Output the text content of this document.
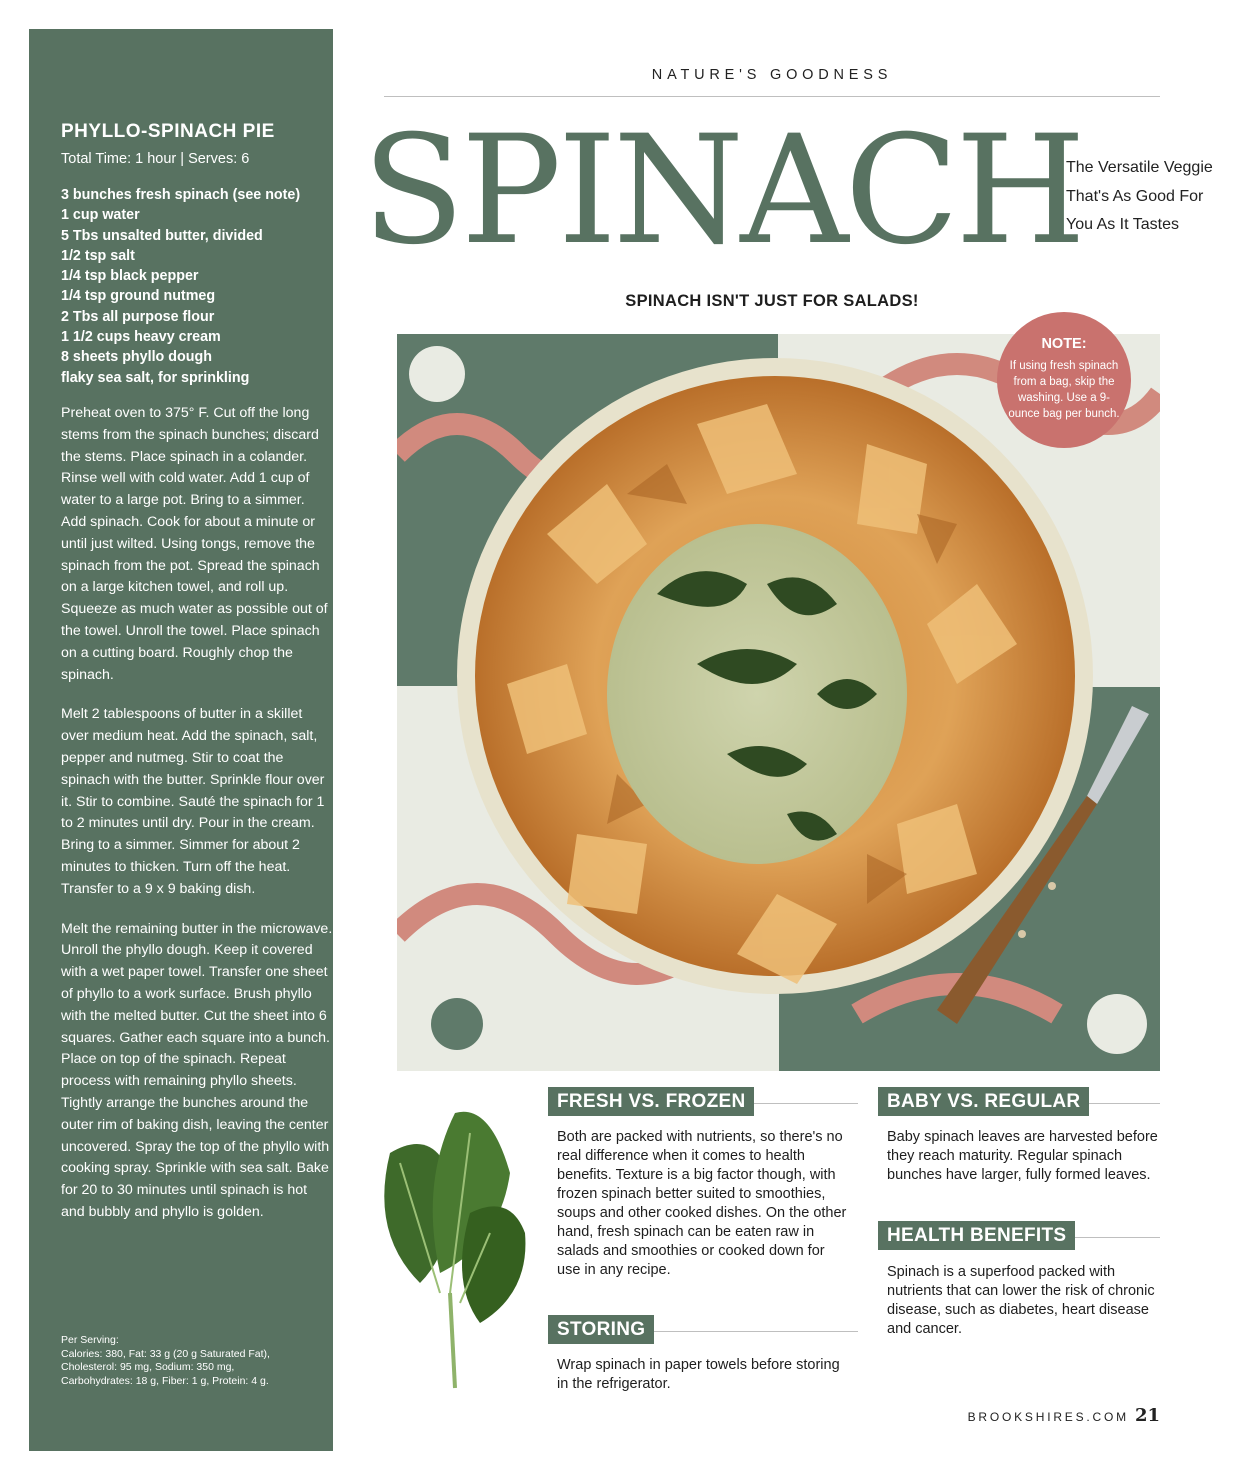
PHYLLO-SPINACH PIE
Total Time: 1 hour | Serves: 6
3 bunches fresh spinach (see note)
1 cup water
5 Tbs unsalted butter, divided
1/2 tsp salt
1/4 tsp black pepper
1/4 tsp ground nutmeg
2 Tbs all purpose flour
1 1/2 cups heavy cream
8 sheets phyllo dough
flaky sea salt, for sprinkling

Preheat oven to 375° F. Cut off the long stems from the spinach bunches; discard the stems. Place spinach in a colander. Rinse well with cold water. Add 1 cup of water to a large pot. Bring to a simmer. Add spinach. Cook for about a minute or until just wilted. Using tongs, remove the spinach from the pot. Spread the spinach on a large kitchen towel, and roll up. Squeeze as much water as possible out of the towel. Unroll the towel. Place spinach on a cutting board. Roughly chop the spinach.

Melt 2 tablespoons of butter in a skillet over medium heat. Add the spinach, salt, pepper and nutmeg. Stir to coat the spinach with the butter. Sprinkle flour over it. Stir to combine. Sauté the spinach for 1 to 2 minutes until dry. Pour in the cream. Bring to a simmer. Simmer for about 2 minutes to thicken. Turn off the heat. Transfer to a 9 x 9 baking dish.

Melt the remaining butter in the microwave. Unroll the phyllo dough. Keep it covered with a wet paper towel. Transfer one sheet of phyllo to a work surface. Brush phyllo with the melted butter. Cut the sheet into 6 squares. Gather each square into a bunch. Place on top of the spinach. Repeat process with remaining phyllo sheets. Tightly arrange the bunches around the outer rim of baking dish, leaving the center uncovered. Spray the top of the phyllo with cooking spray. Sprinkle with sea salt. Bake for 20 to 30 minutes until spinach is hot and bubbly and phyllo is golden.

Per Serving:
Calories: 380, Fat: 33 g (20 g Saturated Fat),
Cholesterol: 95 mg, Sodium: 350 mg,
Carbohydrates: 18 g, Fiber: 1 g, Protein: 4 g.
NATURE'S GOODNESS
SPINACH
The Versatile Veggie That's As Good For You As It Tastes
SPINACH ISN'T JUST FOR SALADS!
NOTE:
If using fresh spinach from a bag, skip the washing. Use a 9-ounce bag per bunch.
FRESH VS. FROZEN
Both are packed with nutrients, so there's no real difference when it comes to health benefits. Texture is a big factor though, with frozen spinach better suited to smoothies, soups and other cooked dishes. On the other hand, fresh spinach can be eaten raw in salads and smoothies or cooked down for use in any recipe.
STORING
Wrap spinach in paper towels before storing in the refrigerator.
BABY VS. REGULAR
Baby spinach leaves are harvested before they reach maturity. Regular spinach bunches have larger, fully formed leaves.
HEALTH BENEFITS
Spinach is a superfood packed with nutrients that can lower the risk of chronic disease, such as diabetes, heart disease and cancer.
BROOKSHIRES.COM 21
